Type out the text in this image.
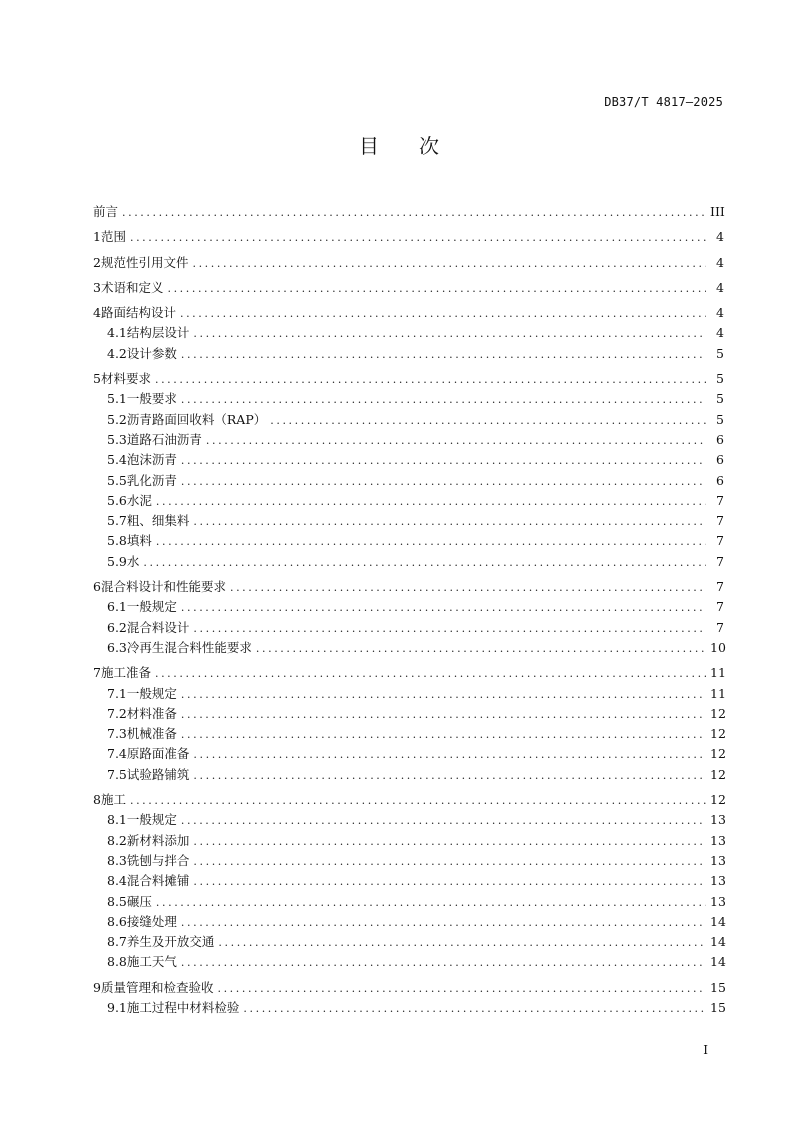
DB37/T 4817—2025
目 次
前言 .....	III
1 范围 .....	4
2 规范性引用文件 .....	4
3 术语和定义 .....	4
4 路面结构设计 .....	4
4.1 结构层设计 .....	4
4.2 设计参数 .....	5
5 材料要求 .....	5
5.1 一般要求 .....	5
5.2 沥青路面回收料（RAP） .....	5
5.3 道路石油沥青 .....	6
5.4 泡沫沥青 .....	6
5.5 乳化沥青 .....	6
5.6 水泥 .....	7
5.7 粗、细集料 .....	7
5.8 填料 .....	7
5.9 水 .....	7
6 混合料设计和性能要求 .....	7
6.1 一般规定 .....	7
6.2 混合料设计 .....	7
6.3 冷再生混合料性能要求 .....	10
7 施工准备 .....	11
7.1 一般规定 .....	11
7.2 材料准备 .....	12
7.3 机械准备 .....	12
7.4 原路面准备 .....	12
7.5 试验路铺筑 .....	12
8 施工 .....	12
8.1 一般规定 .....	13
8.2 新材料添加 .....	13
8.3 铣刨与拌合 .....	13
8.4 混合料摊铺 .....	13
8.5 碾压 .....	13
8.6 接缝处理 .....	14
8.7 养生及开放交通 .....	14
8.8 施工天气 .....	14
9 质量管理和检查验收 .....	15
9.1 施工过程中材料检验 .....	15
I
